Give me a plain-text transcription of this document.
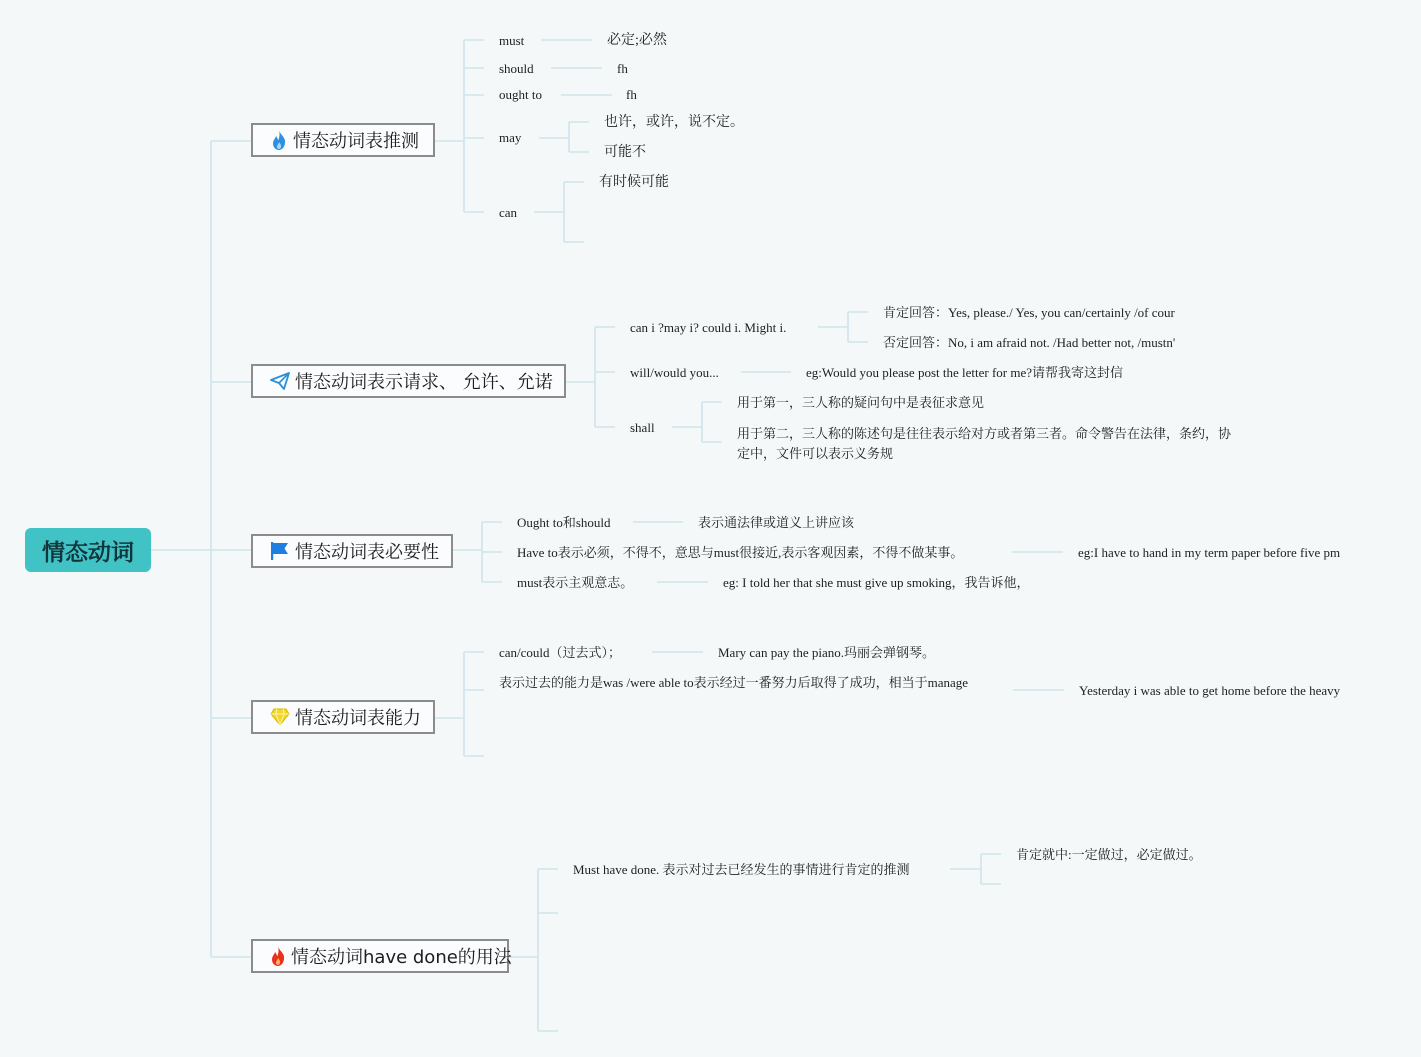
情态动词
情态动词表推测
情态动词表示请求、 允许、允诺
情态动词表必要性
情态动词表能力
情态动词have done的用法
must	必定;必然
should	fh
ought to	fh
may
也许，或许，说不定。
可能不
can
有时候可能
can i ?may i? could i. Might i.
肯定回答：Yes, please./ Yes, you can/certainly /of cour
否定回答：No, i am afraid not. /Had better not, /mustn'
will/would you...	eg:Would you please post the letter for me?请帮我寄这封信
shall
用于第一，三人称的疑问句中是表征求意见
用于第二，三人称的陈述句是往往表示给对方或者第三者。命令警告在法律，条约，协定中，文件可以表示义务规
Ought to和should	表示通法律或道义上讲应该
Have to表示必须，不得不，意思与must很接近,表示客观因素，不得不做某事。	eg:I have to hand in my term paper before five pm
must表示主观意志。	eg: I told her that she must give up smoking，我告诉他，
can/could（过去式）；	Mary can pay the piano.玛丽会弹钢琴。
表示过去的能力是was /were able to表示经过一番努力后取得了成功，相当于manage
Yesterday i was able to get home before the heavy
Must have done. 表示对过去已经发生的事情进行肯定的推测
肯定就中:一定做过，必定做过。
